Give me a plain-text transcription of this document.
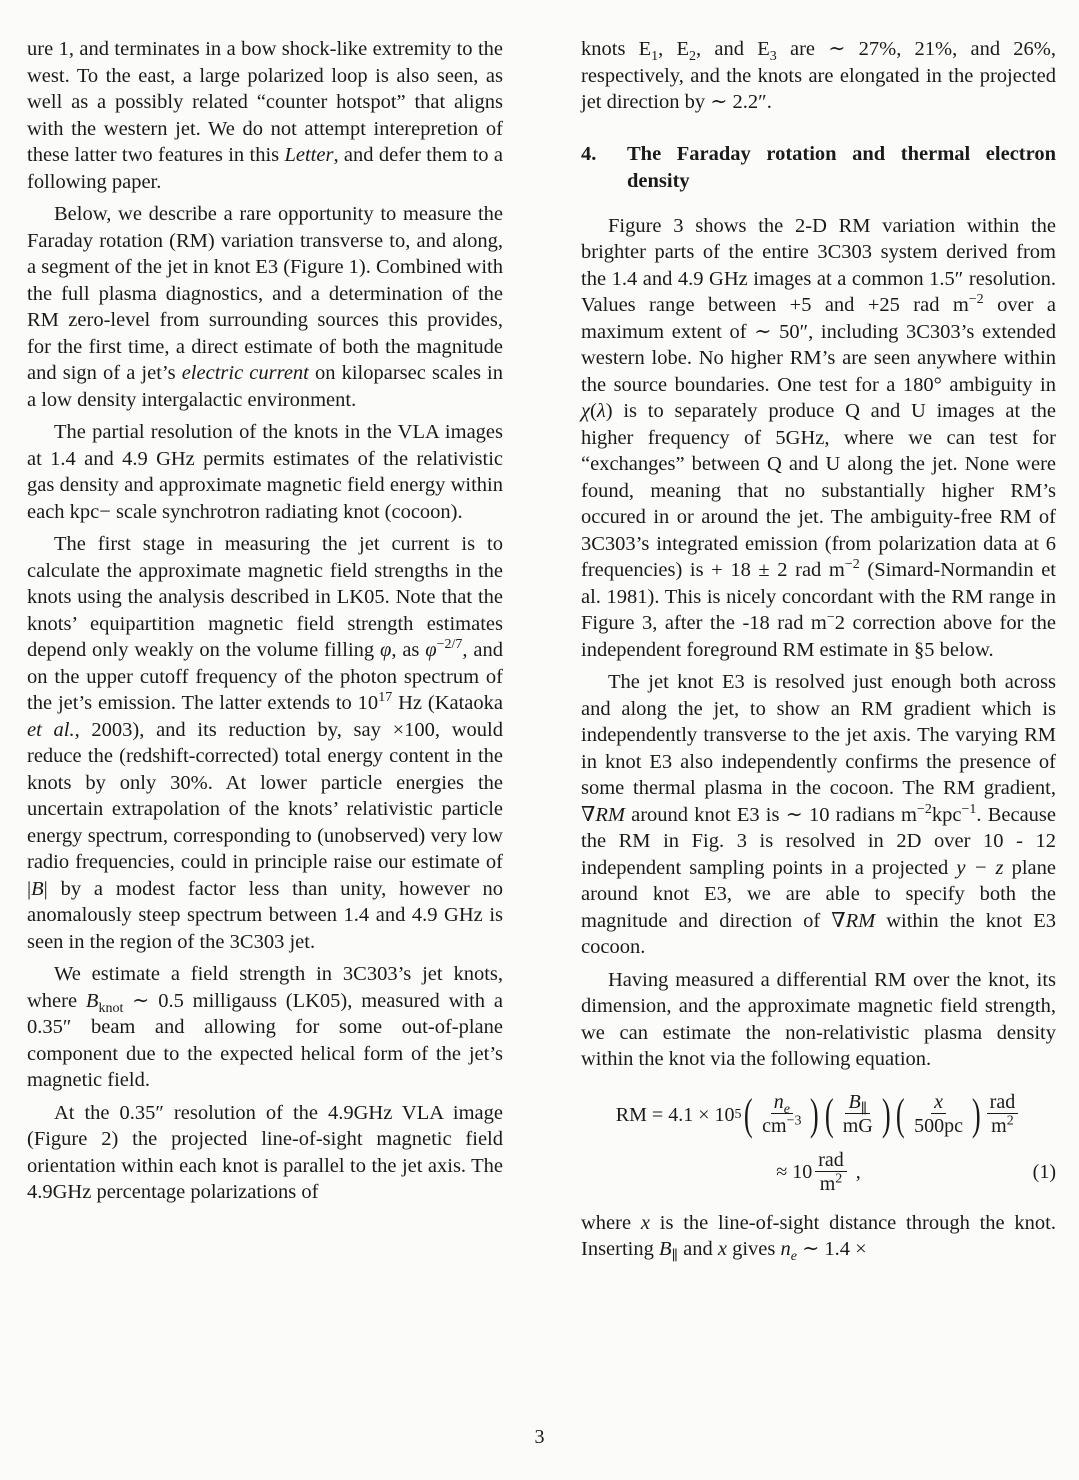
ure 1, and terminates in a bow shock-like extremity to the west. To the east, a large polarized loop is also seen, as well as a possibly related “counter hotspot” that aligns with the western jet. We do not attempt interepretion of these latter two features in this Letter, and defer them to a following paper.

Below, we describe a rare opportunity to measure the Faraday rotation (RM) variation transverse to, and along, a segment of the jet in knot E3 (Figure 1). Combined with the full plasma diagnostics, and a determination of the RM zero-level from surrounding sources this provides, for the first time, a direct estimate of both the magnitude and sign of a jet’s electric current on kiloparsec scales in a low density intergalactic environment.

The partial resolution of the knots in the VLA images at 1.4 and 4.9 GHz permits estimates of the relativistic gas density and approximate magnetic field energy within each kpc− scale synchrotron radiating knot (cocoon).

The first stage in measuring the jet current is to calculate the approximate magnetic field strengths in the knots using the analysis described in LK05. Note that the knots’ equipartition magnetic field strength estimates depend only weakly on the volume filling φ, as $\varphi^{-2/7}$, and on the upper cutoff frequency of the photon spectrum of the jet’s emission. The latter extends to $10^{17}$ Hz (Kataoka et al., 2003), and its reduction by, say ×100, would reduce the (redshift-corrected) total energy content in the knots by only 30%. At lower particle energies the uncertain extrapolation of the knots’ relativistic particle energy spectrum, corresponding to (unobserved) very low radio frequencies, could in principle raise our estimate of |B| by a modest factor less than unity, however no anomalously steep spectrum between 1.4 and 4.9 GHz is seen in the region of the 3C303 jet.

We estimate a field strength in 3C303’s jet knots, where $B_{knot}$ ∼ 0.5 milligauss (LK05), measured with a 0.35″ beam and allowing for some out-of-plane component due to the expected helical form of the jet’s magnetic field.

At the 0.35″ resolution of the 4.9GHz VLA image (Figure 2) the projected line-of-sight magnetic field orientation within each knot is parallel to the jet axis. The 4.9GHz percentage polarizations of

knots $E_1$, $E_2$, and $E_3$ are ∼ 27%, 21%, and 26%, respectively, and the knots are elongated in the projected jet direction by ∼ 2.2″.

4.	The Faraday rotation and thermal electron density

Figure 3 shows the 2-D RM variation within the brighter parts of the entire 3C303 system derived from the 1.4 and 4.9 GHz images at a common 1.5″ resolution. Values range between +5 and +25 rad $m^{-2}$ over a maximum extent of ∼ 50″, including 3C303’s extended western lobe. No higher RM’s are seen anywhere within the source boundaries. One test for a 180° ambiguity in χ(λ) is to separately produce Q and U images at the higher frequency of 5GHz, where we can test for “exchanges” between Q and U along the jet. None were found, meaning that no substantially higher RM’s occured in or around the jet. The ambiguity-free RM of 3C303’s integrated emission (from polarization data at 6 frequencies) is + 18 ± 2 rad $m^{-2}$ (Simard-Normandin et al. 1981). This is nicely concordant with the RM range in Figure 3, after the -18 rad m−2 correction above for the independent foreground RM estimate in §5 below.

The jet knot E3 is resolved just enough both across and along the jet, to show an RM gradient which is independently transverse to the jet axis. The varying RM in knot E3 also independently confirms the presence of some thermal plasma in the cocoon. The RM gradient, ∇RM around knot E3 is ∼ 10 radians $m^{-2}kpc^{-1}$. Because the RM in Fig. 3 is resolved in 2D over 10 - 12 independent sampling points in a projected y − z plane around knot E3, we are able to specify both the magnitude and direction of ∇RM within the knot E3 cocoon.

Having measured a differential RM over the knot, its dimension, and the approximate magnetic field strength, we can estimate the non-relativistic plasma density within the knot via the following equation.

RM = 4.1 × 10 5 ( $\frac{n_e}{cm^{-3}}$ ) ( $\frac{B_\parallel}{mG}$ ) ( $\frac{x}{500pc}$ ) $\frac{\text{rad}}{m^2}$
≈ $10 \frac{\text{rad}}{m^2}$ ,	(1)

where x is the line-of-sight distance through the knot. Inserting $B_\parallel$ and x gives $n_e$ ∼ 1.4 ×

3
